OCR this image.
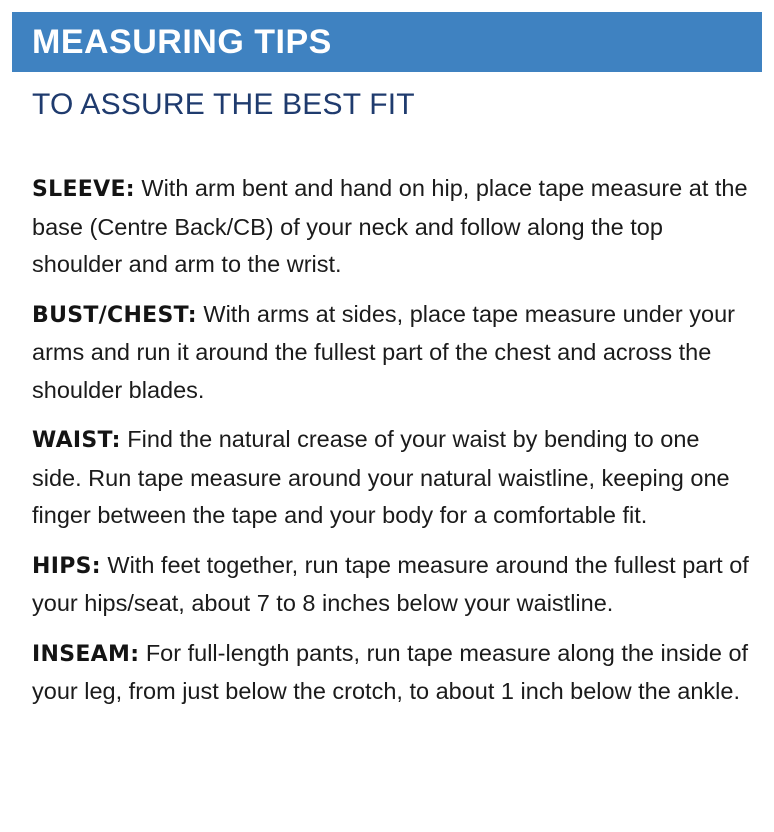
MEASURING TIPS
TO ASSURE THE BEST FIT

SLEEVE: With arm bent and hand on hip, place tape measure at the base (Centre Back/CB) of your neck and follow along the top shoulder and arm to the wrist.

BUST/CHEST: With arms at sides, place tape measure under your arms and run it around the fullest part of the chest and across the shoulder blades.

WAIST: Find the natural crease of your waist by bending to one side. Run tape measure around your natural waistline, keeping one finger between the tape and your body for a comfortable fit.

HIPS: With feet together, run tape measure around the fullest part of your hips/seat, about 7 to 8 inches below your waistline.

INSEAM: For full-length pants, run tape measure along the inside of your leg, from just below the crotch, to about 1 inch below the ankle.
